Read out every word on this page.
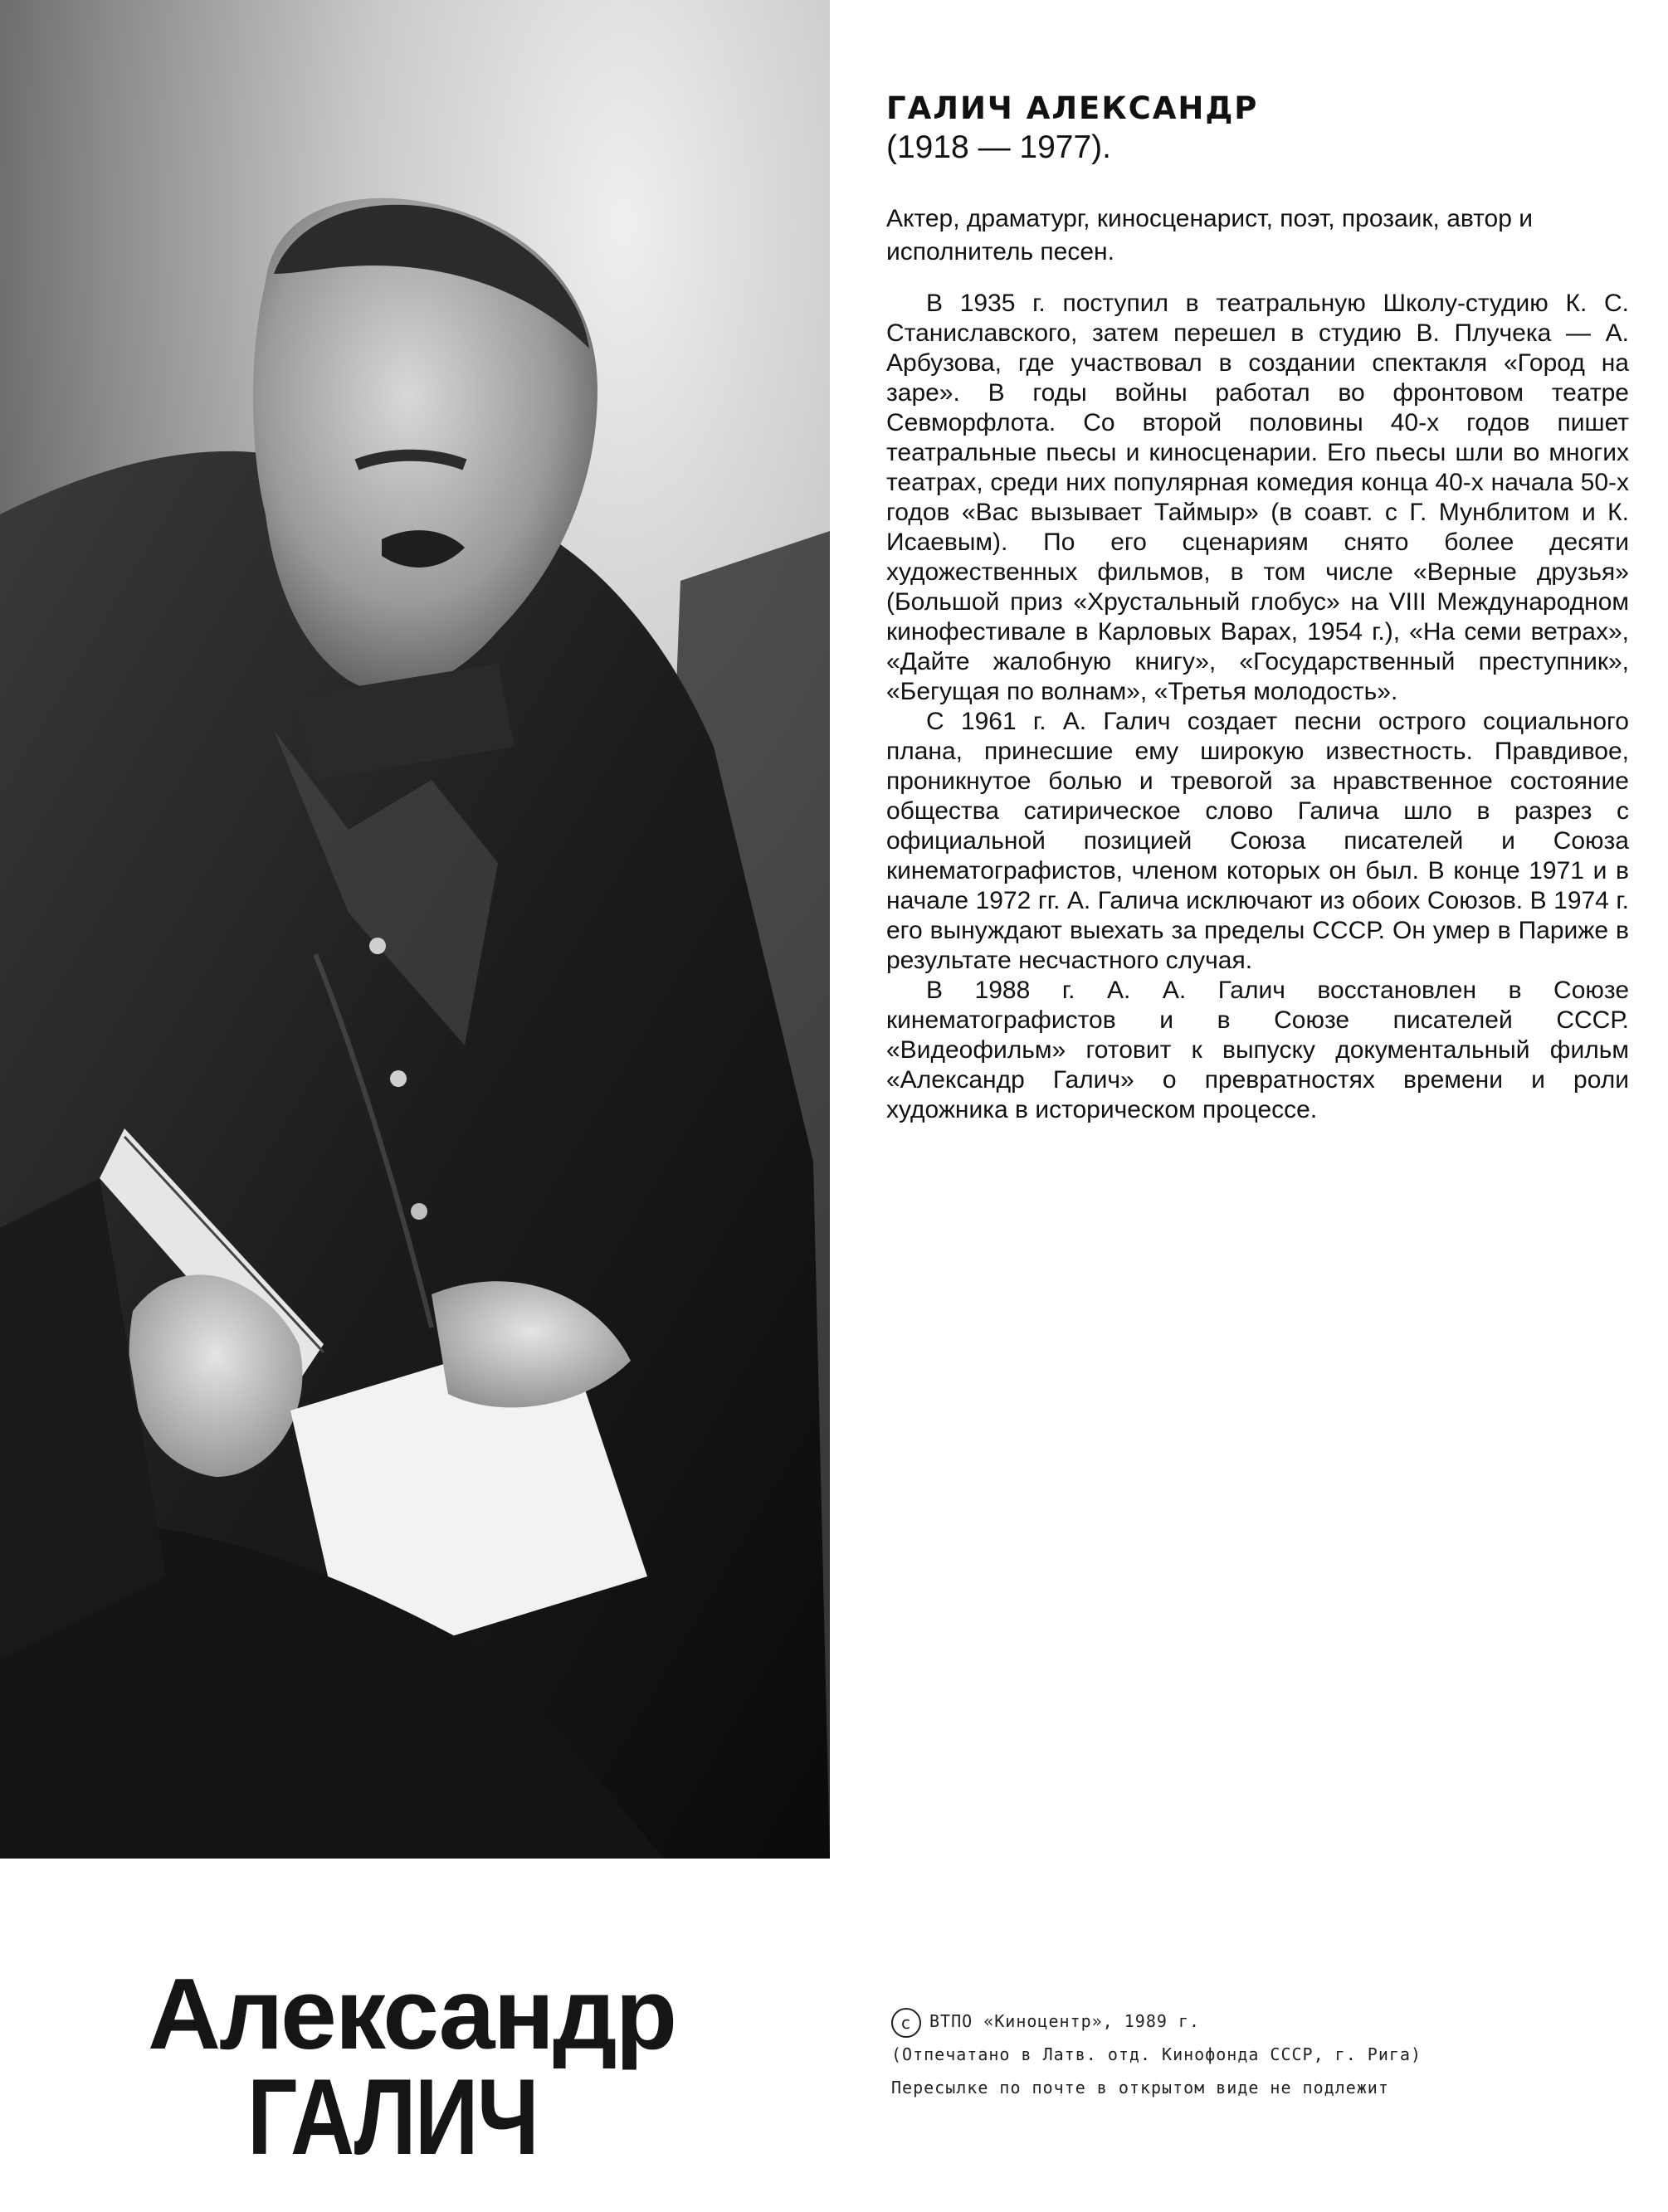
ГАЛИЧ АЛЕКСАНДР

(1918 — 1977).

Актер, драматург, киносценарист, поэт, прозаик, автор и исполнитель песен.

В 1935 г. поступил в театральную Школу-студию К. С. Станиславского, затем перешел в студию В. Плучека — А. Арбузова, где участвовал в создании спектакля «Город на заре». В годы войны работал во фронтовом театре Севморфлота. Со второй половины 40-х годов пишет театральные пьесы и киносценарии. Его пьесы шли во многих театрах, среди них популярная комедия конца 40-х начала 50-х годов «Вас вызывает Таймыр» (в соавт. с Г. Мунблитом и К. Исаевым). По его сценариям снято более десяти художественных фильмов, в том числе «Верные друзья» (Большой приз «Хрустальный глобус» на VIII Международном кинофестивале в Карловых Варах, 1954 г.), «На семи ветрах», «Дайте жалобную книгу», «Государственный преступник», «Бегущая по волнам», «Третья молодость».

С 1961 г. А. Галич создает песни острого социального плана, принесшие ему широкую известность. Правдивое, проникнутое болью и тревогой за нравственное состояние общества сатирическое слово Галича шло в разрез с официальной позицией Союза писателей и Союза кинематографистов, членом которых он был. В конце 1971 и в начале 1972 гг. А. Галича исключают из обоих Союзов. В 1974 г. его вынуждают выехать за пределы СССР. Он умер в Париже в результате несчастного случая.

В 1988 г. А. А. Галич восстановлен в Союзе кинематографистов и в Союзе писателей СССР. «Видеофильм» готовит к выпуску документальный фильм «Александр Галич» о превратностях времени и роли художника в историческом процессе.

Александр
ГАЛИЧ
c ВТПО «Киноцентр», 1989 г.
(Отпечатано в Латв. отд. Кинофонда СССР, г. Рига)
Пересылке по почте в открытом виде не подлежит
